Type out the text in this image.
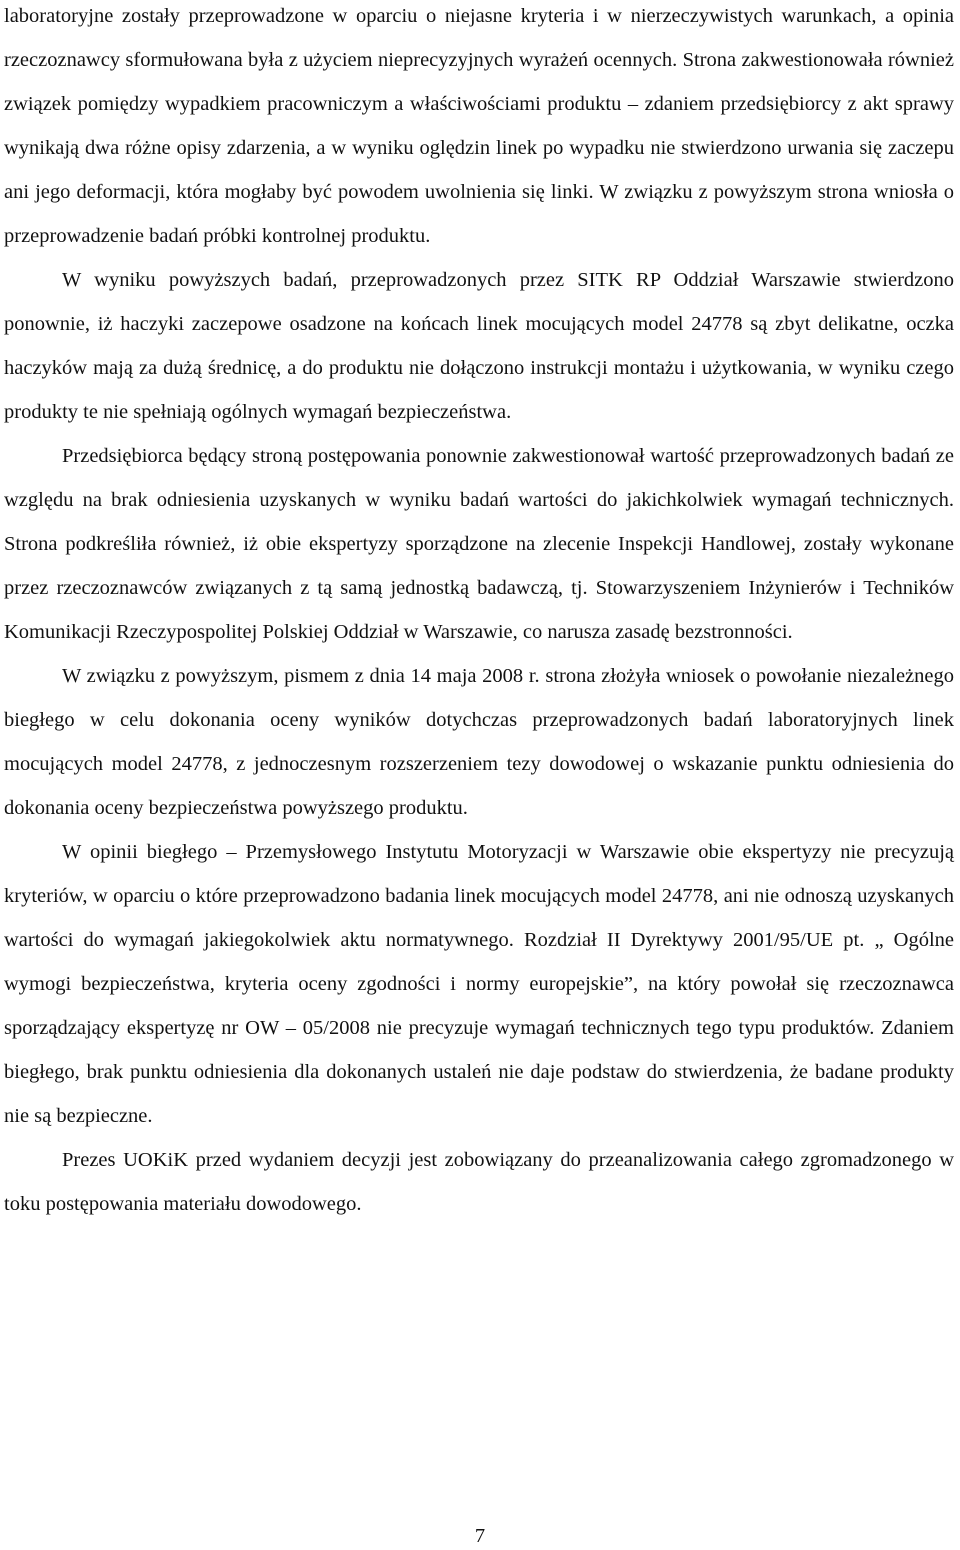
laboratoryjne zostały przeprowadzone w oparciu o niejasne kryteria i w nierzeczywistych warunkach, a opinia rzeczoznawcy sformułowana była z użyciem nieprecyzyjnych wyrażeń ocennych. Strona zakwestionowała również związek pomiędzy wypadkiem pracowniczym a właściwościami produktu – zdaniem przedsiębiorcy z akt sprawy wynikają dwa różne opisy zdarzenia, a w wyniku oględzin linek po wypadku nie stwierdzono urwania się zaczepu ani jego deformacji, która mogłaby być powodem uwolnienia się linki. W związku z powyższym strona wniosła o przeprowadzenie badań próbki kontrolnej produktu.

W wyniku powyższych badań, przeprowadzonych przez SITK RP Oddział Warszawie stwierdzono ponownie, iż haczyki zaczepowe osadzone na końcach linek mocujących model 24778 są zbyt delikatne, oczka haczyków mają za dużą średnicę, a do produktu nie dołączono instrukcji montażu i użytkowania, w wyniku czego produkty te nie spełniają ogólnych wymagań bezpieczeństwa.

Przedsiębiorca będący stroną postępowania ponownie zakwestionował wartość przeprowadzonych badań ze względu na brak odniesienia uzyskanych w wyniku badań wartości do jakichkolwiek wymagań technicznych. Strona podkreśliła również, iż obie ekspertyzy sporządzone na zlecenie Inspekcji Handlowej, zostały wykonane przez rzeczoznawców związanych z tą samą jednostką badawczą, tj. Stowarzyszeniem Inżynierów i Techników Komunikacji Rzeczypospolitej Polskiej Oddział w Warszawie, co narusza zasadę bezstronności.

W związku z powyższym, pismem z dnia 14 maja 2008 r. strona złożyła wniosek o powołanie niezależnego biegłego w celu dokonania oceny wyników dotychczas przeprowadzonych badań laboratoryjnych linek mocujących model 24778, z jednoczesnym rozszerzeniem tezy dowodowej o wskazanie punktu odniesienia do dokonania oceny bezpieczeństwa powyższego produktu.

W opinii biegłego – Przemysłowego Instytutu Motoryzacji w Warszawie obie ekspertyzy nie precyzują kryteriów, w oparciu o które przeprowadzono badania linek mocujących model 24778, ani nie odnoszą uzyskanych wartości do wymagań jakiegokolwiek aktu normatywnego. Rozdział II Dyrektywy 2001/95/UE pt. „ Ogólne wymogi bezpieczeństwa, kryteria oceny zgodności i normy europejskie”, na który powołał się rzeczoznawca sporządzający ekspertyzę nr OW – 05/2008 nie precyzuje wymagań technicznych tego typu produktów. Zdaniem biegłego, brak punktu odniesienia dla dokonanych ustaleń nie daje podstaw do stwierdzenia, że badane produkty nie są bezpieczne.

Prezes UOKiK przed wydaniem decyzji jest zobowiązany do przeanalizowania całego zgromadzonego w toku postępowania materiału dowodowego.

7
